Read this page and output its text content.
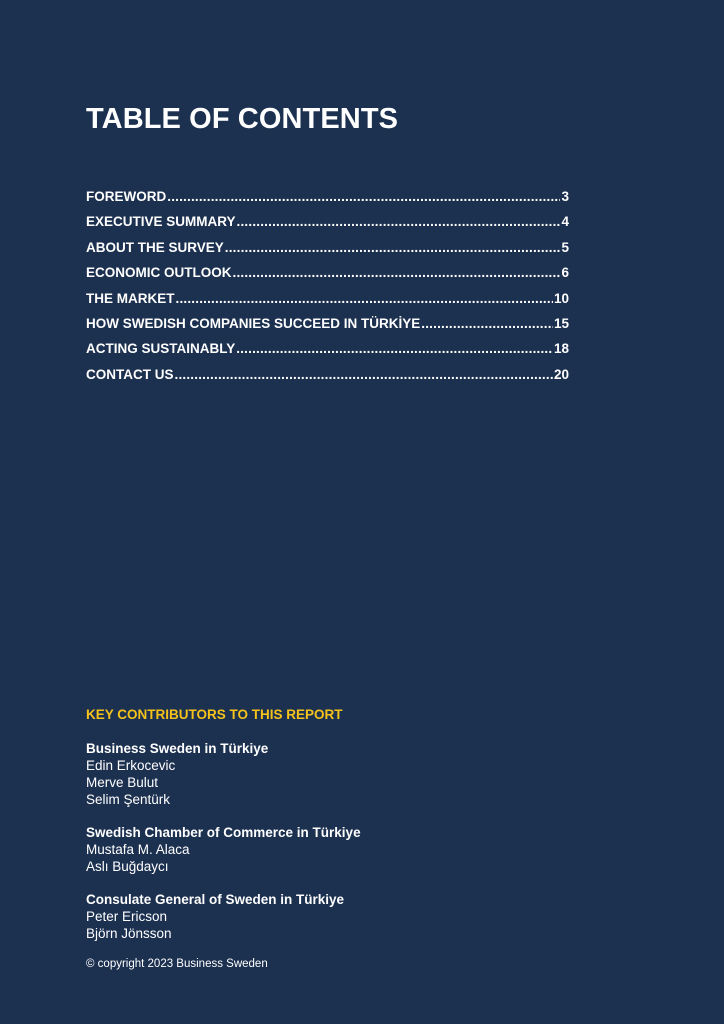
TABLE OF CONTENTS
FOREWORD .....	3
EXECUTIVE SUMMARY .....	4
ABOUT THE SURVEY .....	5
ECONOMIC OUTLOOK .....	6
THE MARKET .....	10
HOW SWEDISH COMPANIES SUCCEED IN TÜRKİYE .....	15
ACTING SUSTAINABLY .....	18
CONTACT US .....	20
KEY CONTRIBUTORS TO THIS REPORT
Business Sweden in Türkiye
Edin Erkocevic
Merve Bulut
Selim Şentürk
Swedish Chamber of Commerce in Türkiye
Mustafa M. Alaca
Aslı Buğdaycı
Consulate General of Sweden in Türkiye
Peter Ericson
Björn Jönsson
© copyright 2023 Business Sweden
